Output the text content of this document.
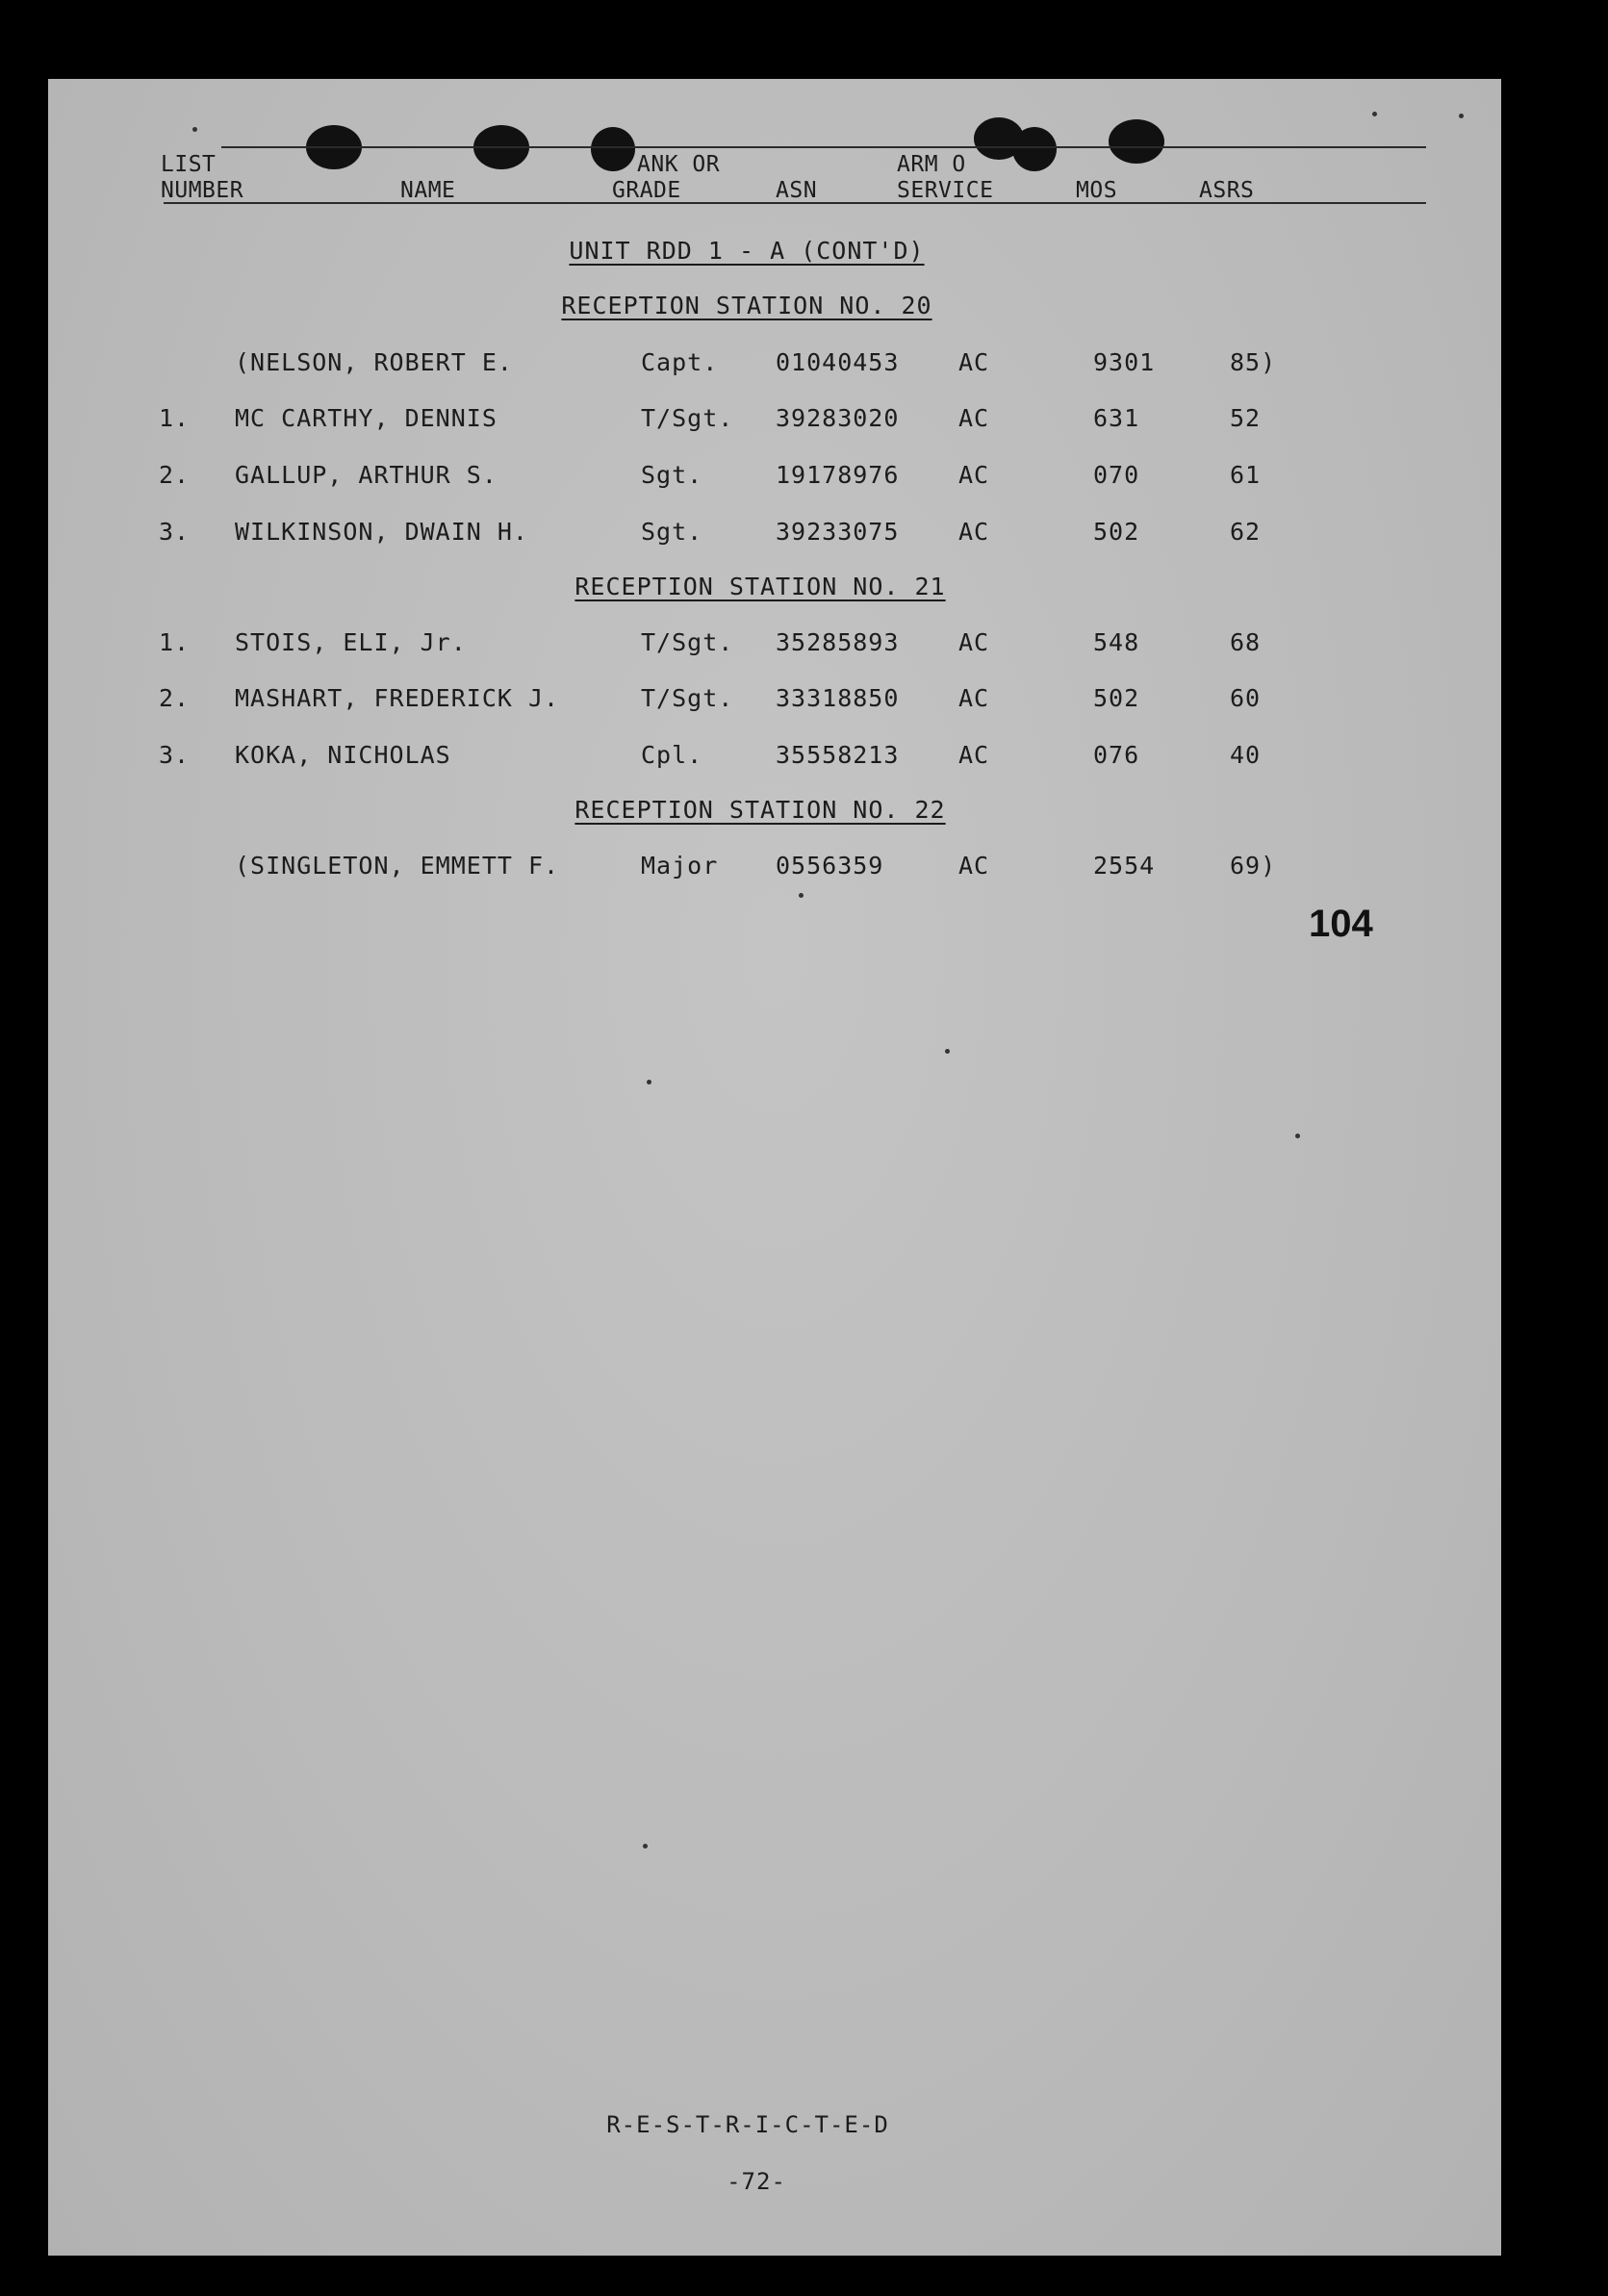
LIST
NUMBER	NAME
ANK OR
GRADE	ASN
ARM O
SERVICE	MOS	ASRS
UNIT RDD 1 - A (CONT'D)
RECEPTION STATION NO. 20
(NELSON, ROBERT E.	Capt. 01040453 AC	9301	85)
1. MC CARTHY, DENNIS	T/Sgt. 39283020 AC	631	52
2. GALLUP, ARTHUR S.	Sgt.	19178976 AC	070	61
3. WILKINSON, DWAIN H.	Sgt.	39233075 AC	502	62
RECEPTION STATION NO. 21
1. STOIS, ELI, Jr.	T/Sgt. 35285893 AC	548	68
2. MASHART, FREDERICK J.	T/Sgt. 33318850 AC	502	60
3. KOKA, NICHOLAS	Cpl.	35558213 AC	076	40
RECEPTION STATION NO. 22
(SINGLETON, EMMETT F.	Major 0556359	AC	2554	69)
104
R-E-S-T-R-I-C-T-E-D
-72-
